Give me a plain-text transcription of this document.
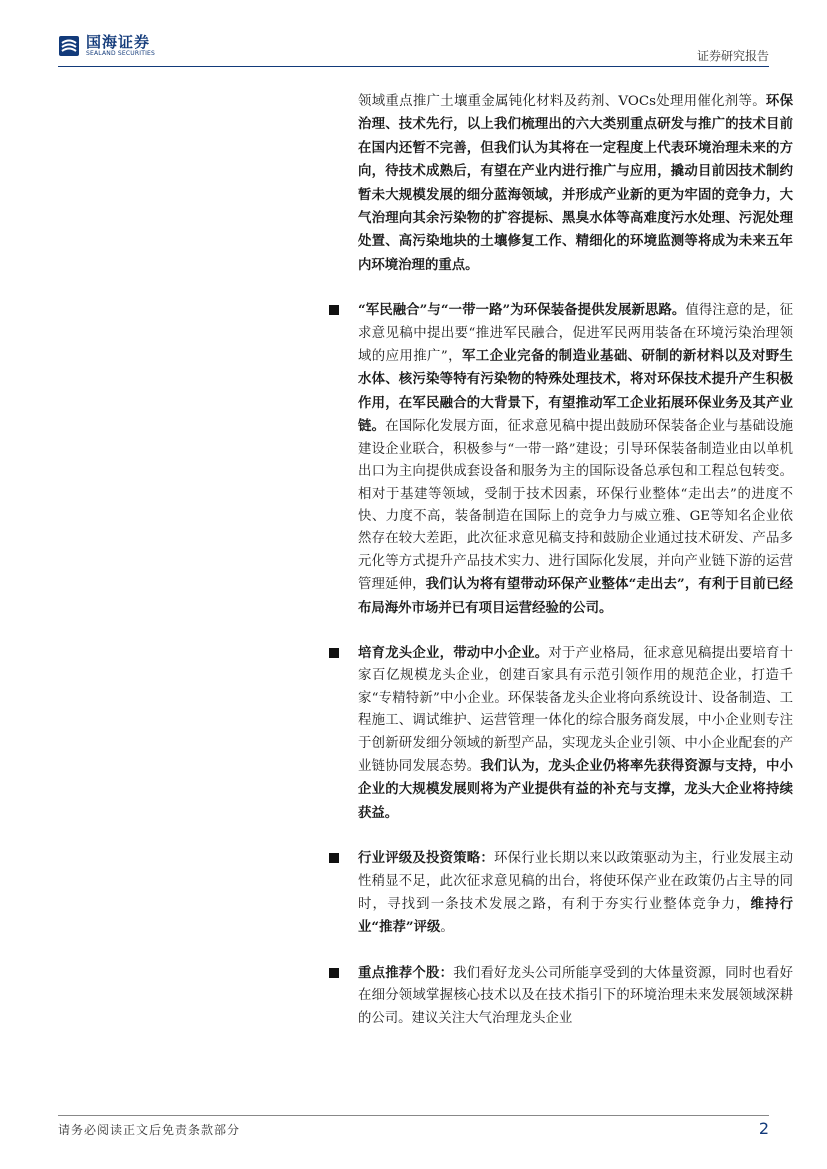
国海证券
SEALAND SECURITIES	证券研究报告
领域重点推广土壤重金属钝化材料及药剂、VOCs处理用催化剂等。环保治理、技术先行，以上我们梳理出的六大类别重点研发与推广的技术目前在国内还暂不完善，但我们认为其将在一定程度上代表环境治理未来的方向，待技术成熟后，有望在产业内进行推广与应用，撬动目前因技术制约暂未大规模发展的细分蓝海领域，并形成产业新的更为牢固的竞争力，大气治理向其余污染物的扩容提标、黑臭水体等高难度污水处理、污泥处理处置、高污染地块的土壤修复工作、精细化的环境监测等将成为未来五年内环境治理的重点。
“军民融合”与“一带一路”为环保装备提供发展新思路。值得注意的是，征求意见稿中提出要“推进军民融合，促进军民两用装备在环境污染治理领域的应用推广”，军工企业完备的制造业基础、研制的新材料以及对野生水体、核污染等特有污染物的特殊处理技术，将对环保技术提升产生积极作用，在军民融合的大背景下，有望推动军工企业拓展环保业务及其产业链。在国际化发展方面，征求意见稿中提出鼓励环保装备企业与基础设施建设企业联合，积极参与“一带一路”建设；引导环保装备制造业由以单机出口为主向提供成套设备和服务为主的国际设备总承包和工程总包转变。相对于基建等领域，受制于技术因素，环保行业整体“走出去”的进度不快、力度不高，装备制造在国际上的竞争力与威立雅、GE等知名企业依然存在较大差距，此次征求意见稿支持和鼓励企业通过技术研发、产品多元化等方式提升产品技术实力、进行国际化发展，并向产业链下游的运营管理延伸，我们认为将有望带动环保产业整体“走出去”，有利于目前已经布局海外市场并已有项目运营经验的公司。
培育龙头企业，带动中小企业。对于产业格局，征求意见稿提出要培育十家百亿规模龙头企业，创建百家具有示范引领作用的规范企业，打造千家“专精特新”中小企业。环保装备龙头企业将向系统设计、设备制造、工程施工、调试维护、运营管理一体化的综合服务商发展，中小企业则专注于创新研发细分领域的新型产品，实现龙头企业引领、中小企业配套的产业链协同发展态势。我们认为，龙头企业仍将率先获得资源与支持，中小企业的大规模发展则将为产业提供有益的补充与支撑，龙头大企业将持续获益。
行业评级及投资策略：环保行业长期以来以政策驱动为主，行业发展主动性稍显不足，此次征求意见稿的出台，将使环保产业在政策仍占主导的同时，寻找到一条技术发展之路，有利于夯实行业整体竞争力，维持行业“推荐”评级。
重点推荐个股：我们看好龙头公司所能享受到的大体量资源，同时也看好在细分领域掌握核心技术以及在技术指引下的环境治理未来发展领域深耕的公司。建议关注大气治理龙头企业
请务必阅读正文后免责条款部分	2
